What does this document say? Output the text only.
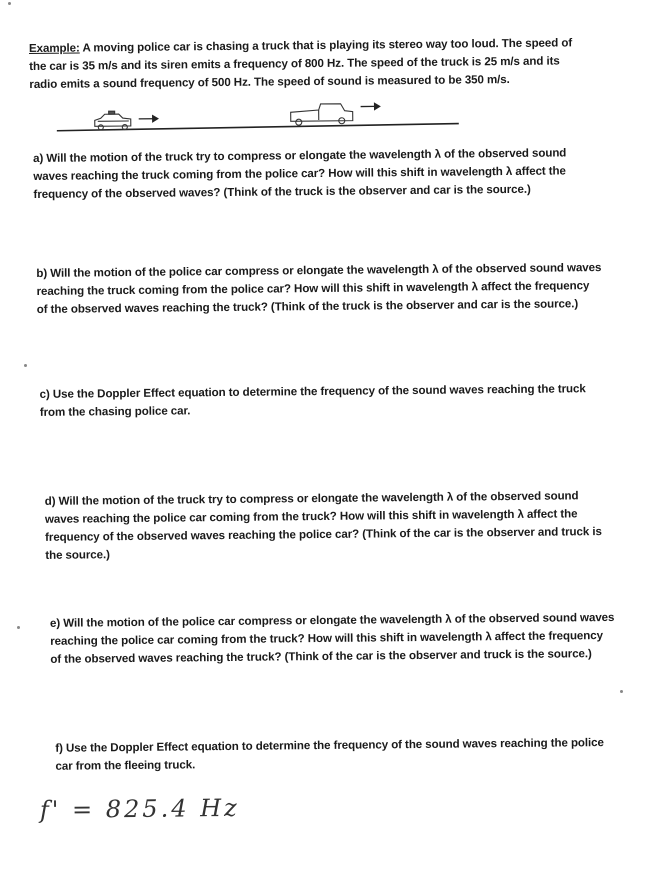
Example: A moving police car is chasing a truck that is playing its stereo way too loud. The speed of the car is 35 m/s and its siren emits a frequency of 800 Hz. The speed of the truck is 25 m/s and its radio emits a sound frequency of 500 Hz. The speed of sound is measured to be 350 m/s.
a) Will the motion of the truck try to compress or elongate the wavelength λ of the observed sound waves reaching the truck coming from the police car? How will this shift in wavelength λ affect the frequency of the observed waves? (Think of the truck is the observer and car is the source.)
b) Will the motion of the police car compress or elongate the wavelength λ of the observed sound waves reaching the truck coming from the police car? How will this shift in wavelength λ affect the frequency of the observed waves reaching the truck? (Think of the truck is the observer and car is the source.)
c) Use the Doppler Effect equation to determine the frequency of the sound waves reaching the truck from the chasing police car.
d) Will the motion of the truck try to compress or elongate the wavelength λ of the observed sound waves reaching the police car coming from the truck? How will this shift in wavelength λ affect the frequency of the observed waves reaching the police car? (Think of the car is the observer and truck is the source.)
e) Will the motion of the police car compress or elongate the wavelength λ of the observed sound waves reaching the police car coming from the truck? How will this shift in wavelength λ affect the frequency of the observed waves reaching the truck? (Think of the car is the observer and truck is the source.)
f) Use the Doppler Effect equation to determine the frequency of the sound waves reaching the police car from the fleeing truck.
f' = 825.4 Hz
